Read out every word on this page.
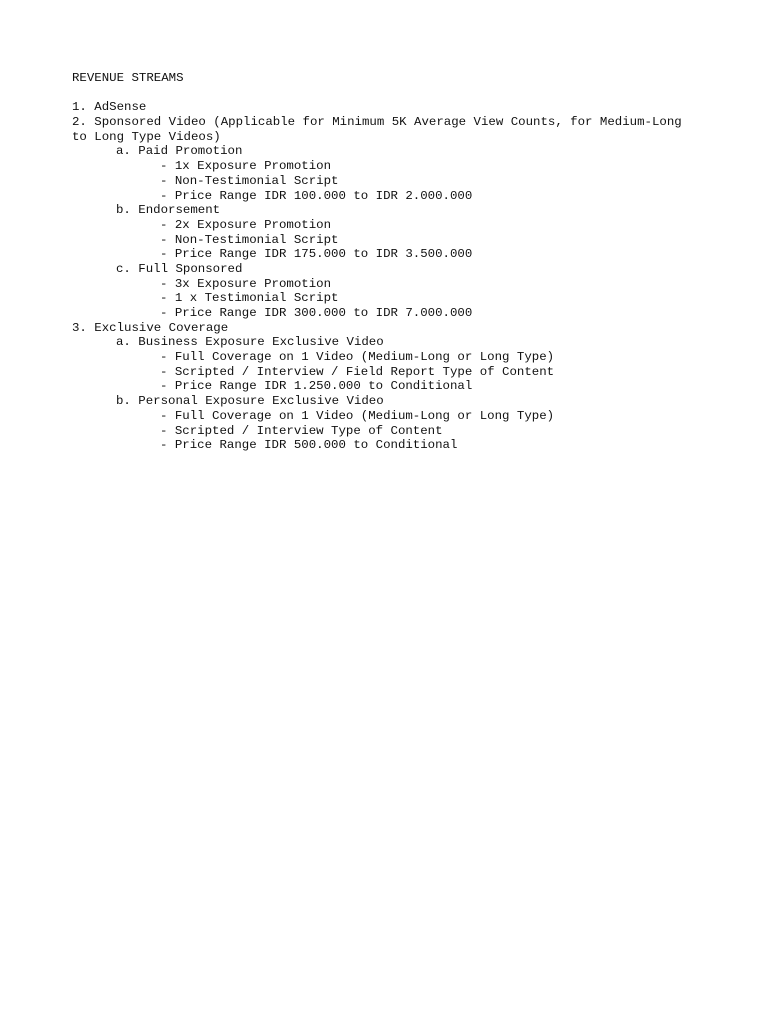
REVENUE STREAMS
1. AdSense
2. Sponsored Video (Applicable for Minimum 5K Average View Counts, for Medium-Long
to Long Type Videos)
a. Paid Promotion
- 1x Exposure Promotion
- Non-Testimonial Script
- Price Range IDR 100.000 to IDR 2.000.000
b. Endorsement
- 2x Exposure Promotion
- Non-Testimonial Script
- Price Range IDR 175.000 to IDR 3.500.000
c. Full Sponsored
- 3x Exposure Promotion
- 1 x Testimonial Script
- Price Range IDR 300.000 to IDR 7.000.000
3. Exclusive Coverage
a. Business Exposure Exclusive Video
- Full Coverage on 1 Video (Medium-Long or Long Type)
- Scripted / Interview / Field Report Type of Content
- Price Range IDR 1.250.000 to Conditional
b. Personal Exposure Exclusive Video
- Full Coverage on 1 Video (Medium-Long or Long Type)
- Scripted / Interview Type of Content
- Price Range IDR 500.000 to Conditional
